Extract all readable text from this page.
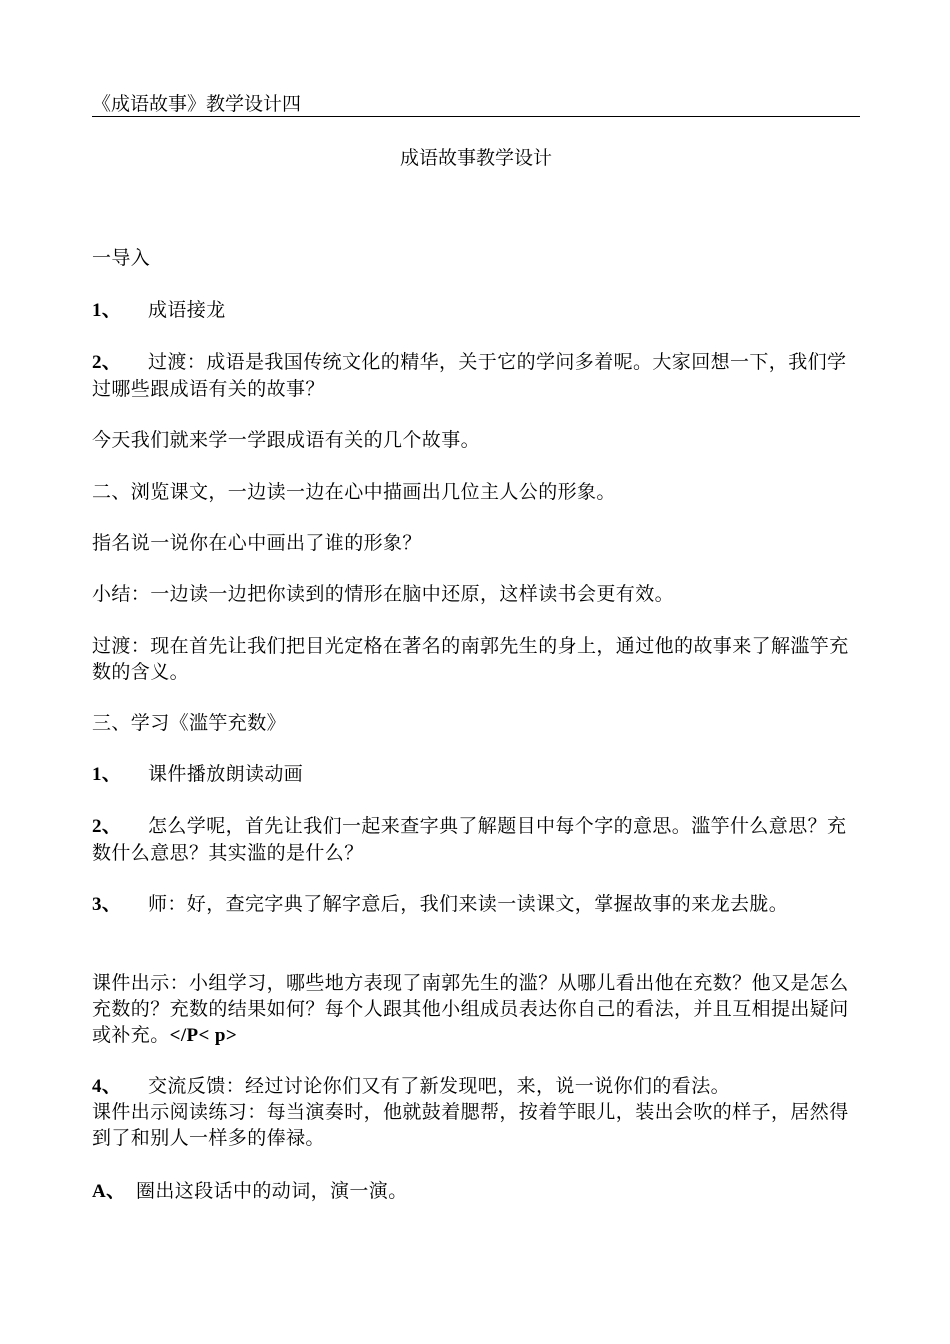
《成语故事》教学设计四
成语故事教学设计
一导入
1、 成语接龙
2、 过渡：成语是我国传统文化的精华，关于它的学问多着呢。大家回想一下，我们学过哪些跟成语有关的故事？
今天我们就来学一学跟成语有关的几个故事。
二、浏览课文，一边读一边在心中描画出几位主人公的形象。
指名说一说你在心中画出了谁的形象？
小结：一边读一边把你读到的情形在脑中还原，这样读书会更有效。
过渡：现在首先让我们把目光定格在著名的南郭先生的身上，通过他的故事来了解滥竽充数的含义。
三、学习《滥竽充数》
1、 课件播放朗读动画
2、 怎么学呢，首先让我们一起来查字典了解题目中每个字的意思。滥竽什么意思？充数什么意思？其实滥的是什么？
3、 师：好，查完字典了解字意后，我们来读一读课文，掌握故事的来龙去胧。
课件出示：小组学习，哪些地方表现了南郭先生的滥？从哪儿看出他在充数？他又是怎么充数的？充数的结果如何？每个人跟其他小组成员表达你自己的看法，并且互相提出疑问或补充。</P< p>
4、 交流反馈：经过讨论你们又有了新发现吧，来，说一说你们的看法。
课件出示阅读练习：每当演奏时，他就鼓着腮帮，按着竽眼儿，装出会吹的样子，居然得到了和别人一样多的俸禄。
A、 圈出这段话中的动词，演一演。
